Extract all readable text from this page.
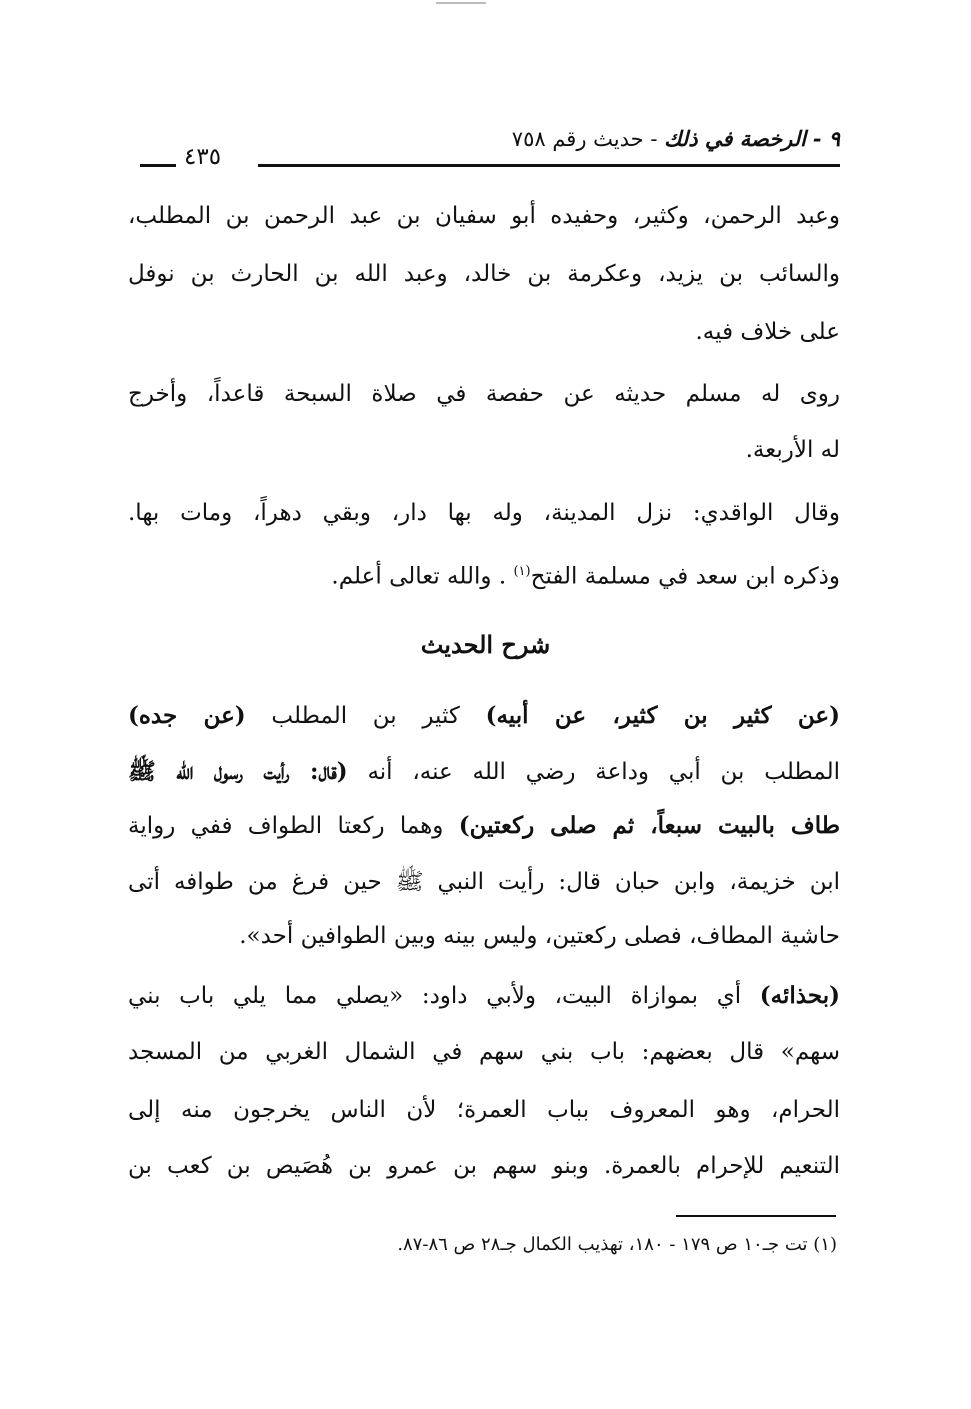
٩ - الرخصة في ذلك - حديث رقم ٧٥٨
٤٣٥
وعبد الرحمن، وكثير، وحفيده أبو سفيان بن عبد الرحمن بن المطلب،
والسائب بن يزيد، وعكرمة بن خالد، وعبد الله بن الحارث بن نوفل
على خلاف فيه.
روى له مسلم حديثه عن حفصة في صلاة السبحة قاعداً، وأخرج
له الأربعة.
وقال الواقدي: نزل المدينة، وله بها دار، وبقي دهراً، ومات بها.
وذكره ابن سعد في مسلمة الفتح$^{(١)}$ . والله تعالى أعلم.
شرح الحديث
(عن كثير بن كثير، عن أبيه) كثير بن المطلب (عن جده)
المطلب بن أبي وداعة رضي الله عنه، أنه (قال: رأيت رسول الله ﷺ
طاف بالبيت سبعاً، ثم صلى ركعتين) وهما ركعتا الطواف ففي رواية
ابن خزيمة، وابن حبان قال: رأيت النبي ﷺ حين فرغ من طوافه أتى
حاشية المطاف، فصلى ركعتين، وليس بينه وبين الطوافين أحد».
(بحذائه) أي بموازاة البيت، ولأبي داود: «يصلي مما يلي باب بني
سهم» قال بعضهم: باب بني سهم في الشمال الغربي من المسجد
الحرام، وهو المعروف بباب العمرة؛ لأن الناس يخرجون منه إلى
التنعيم للإحرام بالعمرة. وبنو سهم بن عمرو بن هُصَيص بن كعب بن
(١) تت جـ١٠ ص ١٧٩ - ١٨٠، تهذيب الكمال جـ٢٨ ص ٨٦-٨٧.
